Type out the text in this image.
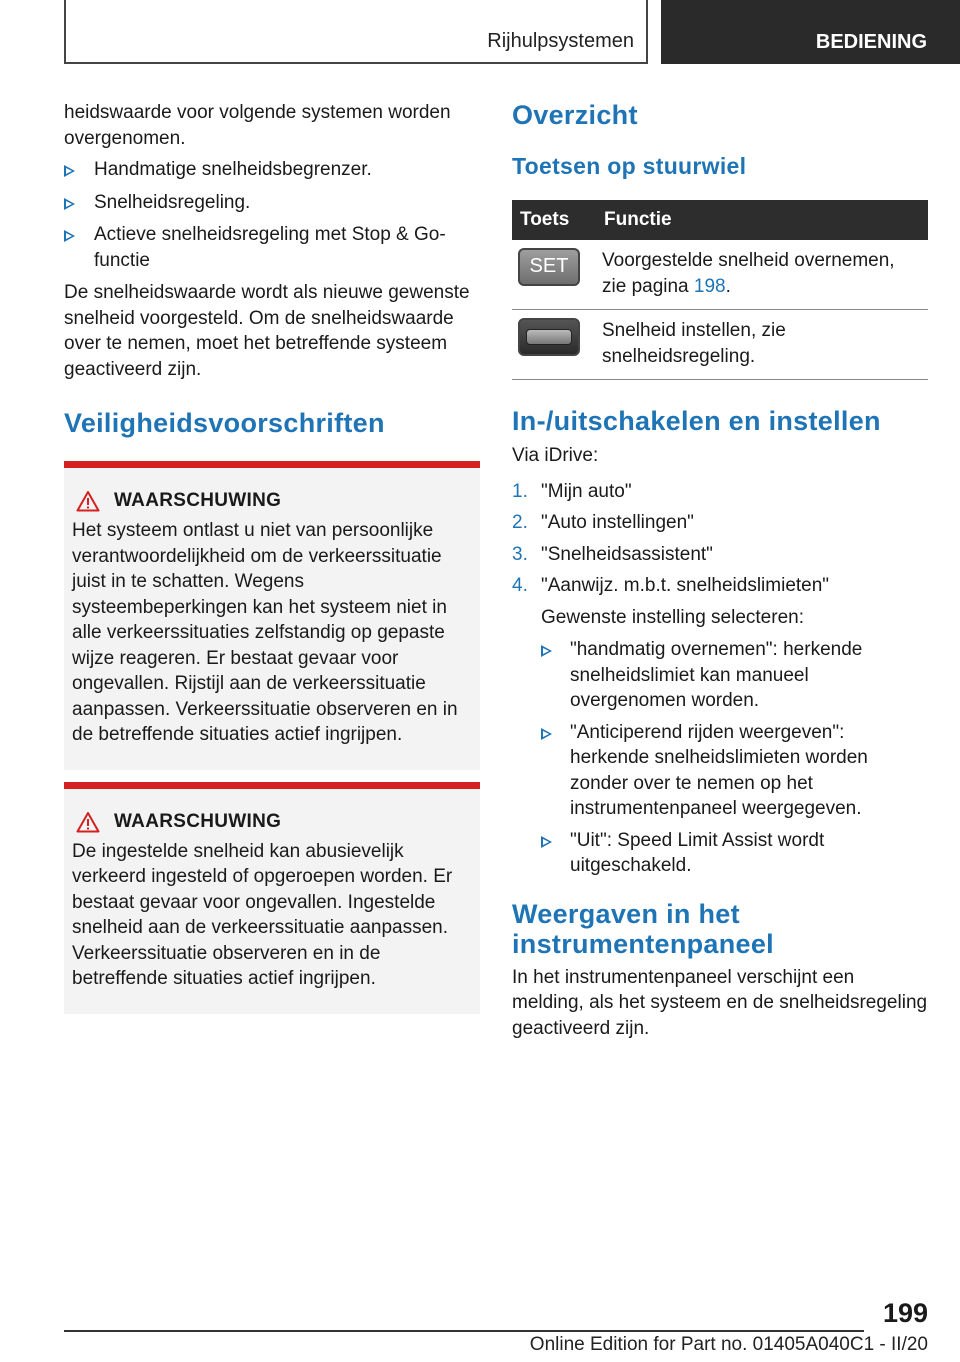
Rijhulpsystemen	BEDIENING

heidswaarde voor volgende systemen worden overgenomen.

Handmatige snelheidsbegrenzer.
Snelheidsregeling.
Actieve snelheidsregeling met Stop & Go-functie

De snelheidswaarde wordt als nieuwe gewenste snelheid voorgesteld. Om de snelheidswaarde over te nemen, moet het betreffende systeem geactiveerd zijn.

Veiligheidsvoorschriften
WAARSCHUWING

Het systeem ontlast u niet van persoonlijke verantwoordelijkheid om de verkeerssituatie juist in te schatten. Wegens systeembeperkingen kan het systeem niet in alle verkeerssituaties zelfstandig op gepaste wijze reageren. Er bestaat gevaar voor ongevallen. Rijstijl aan de verkeerssituatie aanpassen. Verkeerssituatie observeren en in de betreffende situaties actief ingrijpen.

WAARSCHUWING

De ingestelde snelheid kan abusievelijk verkeerd ingesteld of opgeroepen worden. Er bestaat gevaar voor ongevallen. Ingestelde snelheid aan de verkeerssituatie aanpassen. Verkeerssituatie observeren en in de betreffende situaties actief ingrijpen.

Overzicht
Toetsen op stuurwiel
Toets	Functie

SET	Voorgestelde snelheid overnemen, zie pagina 198.

	Snelheid instellen, zie snelheidsregeling.
In-/uitschakelen en instellen

Via iDrive:

1. "Mijn auto"
2. "Auto instellingen"
3. "Snelheidsassistent"
4. "Aanwijz. m.b.t. snelheidslimieten"

Gewenste instelling selecteren:

"handmatig overnemen": herkende snelheidslimiet kan manueel overgenomen worden.
"Anticiperend rijden weergeven": herkende snelheidslimieten worden zonder over te nemen op het instrumentenpaneel weergegeven.
"Uit": Speed Limit Assist wordt uitgeschakeld.
Weergaven in het instrumentenpaneel

In het instrumentenpaneel verschijnt een melding, als het systeem en de snelheidsregeling geactiveerd zijn.

199
Online Edition for Part no. 01405A040C1 - II/20
